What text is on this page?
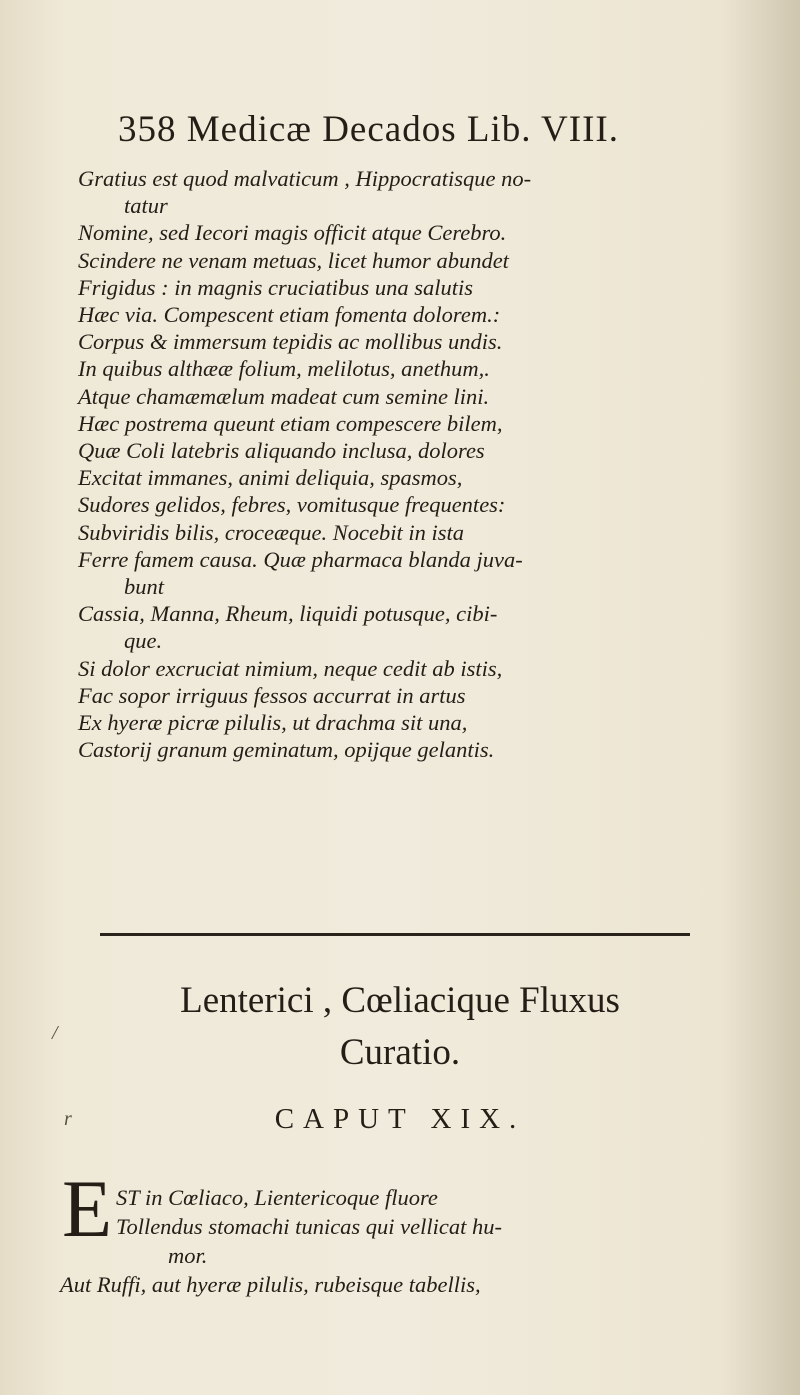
358 Medicæ Decados Lib. VIII.
Gratius est quod malvaticum , Hippocratisque no-
tatur
Nomine, sed Iecori magis officit atque Cerebro.
Scindere ne venam metuas, licet humor abundet
Frigidus : in magnis cruciatibus una salutis
Hæc via. Compescent etiam fomenta dolorem.:
Corpus & immersum tepidis ac mollibus undis.
In quibus althææ folium, melilotus, anethum,.
Atque chamæmælum madeat cum semine lini.
Hæc postrema queunt etiam compescere bilem,
Quæ Coli latebris aliquando inclusa, dolores
Excitat immanes, animi deliquia, spasmos,
Sudores gelidos, febres, vomitusque frequentes:
Subviridis bilis, croceæque. Nocebit in ista
Ferre famem causa. Quæ pharmaca blanda juva-
bunt
Cassia, Manna, Rheum, liquidi potusque, cibi-
que.
Si dolor excruciat nimium, neque cedit ab istis,
Fac sopor irriguus fessos accurrat in artus
Ex hyeræ picræ pilulis, ut drachma sit una,
Castorij granum geminatum, opijque gelantis.
Lenterici , Cœliacique Fluxus
Curatio.
/
r	CAPUT XIX.
E ST in Cœliaco, Lientericoque fluore
Tollendus stomachi tunicas qui vellicat hu-
mor.
Aut Ruffi, aut hyeræ pilulis, rubeisque tabellis,
